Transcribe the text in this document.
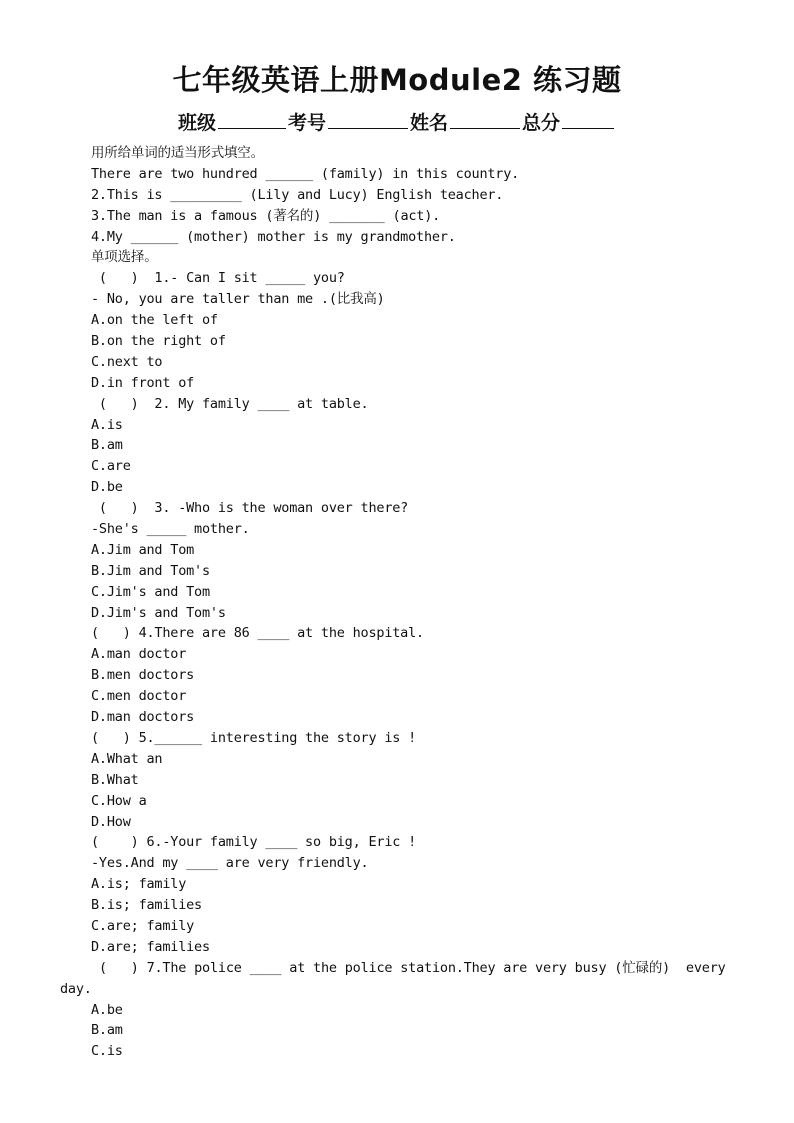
七年级英语上册Module2 练习题
班级	考号	姓名	总分
用所给单词的适当形式填空。
There are two hundred ______ (family) in this country.
2.This is _________ (Lily and Lucy) English teacher.
3.The man is a famous (著名的) _______ (act).
4.My ______ (mother) mother is my grandmother.
单项选择。
(   )  1.- Can I sit _____ you?
- No, you are taller than me .(比我高)
A.on the left of
B.on the right of
C.next to
D.in front of
(   )  2. My family ____ at table.
A.is
B.am
C.are
D.be
(   )  3. -Who is the woman over there?
-She's _____ mother.
A.Jim and Tom
B.Jim and Tom's
C.Jim's and Tom
D.Jim's and Tom's
(   ) 4.There are 86 ____ at the hospital.
A.man doctor
B.men doctors
C.men doctor
D.man doctors
(   ) 5.______ interesting the story is !
A.What an
B.What
C.How a
D.How
(    ) 6.-Your family ____ so big, Eric !
-Yes.And my ____ are very friendly.
A.is; family
B.is; families
C.are; family
D.are; families
(   ) 7.The police ____ at the police station.They are very busy (忙碌的)  every
day.
A.be
B.am
C.is
